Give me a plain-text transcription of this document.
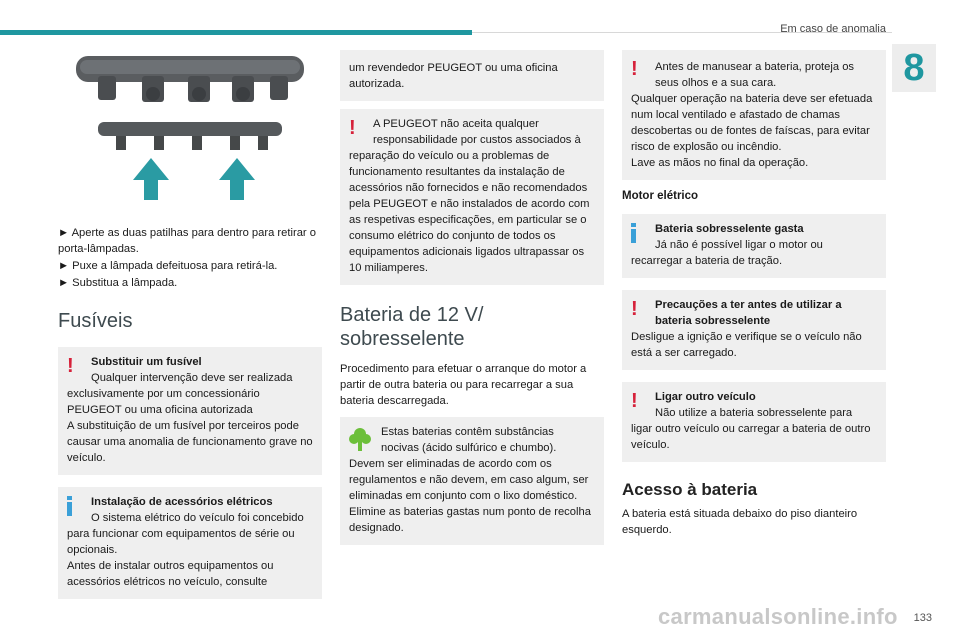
Em caso de anomalia
8

► Aperte as duas patilhas para dentro para retirar o porta-lâmpadas.

► Puxe a lâmpada defeituosa para retirá-la.

► Substitua a lâmpada.

Fusíveis
!	Substituir um fusível
Qualquer intervenção deve ser realizada
exclusivamente por um concessionário PEUGEOT ou uma oficina autorizada
A substituição de um fusível por terceiros pode causar uma anomalia de funcionamento grave no veículo.
Instalação de acessórios elétricos
O sistema elétrico do veículo foi concebido
para funcionar com equipamentos de série ou opcionais.
Antes de instalar outros equipamentos ou acessórios elétricos no veículo, consulte
um revendedor PEUGEOT ou uma oficina autorizada.
!	A PEUGEOT não aceita qualquer
responsabilidade por custos associados à
reparação do veículo ou a problemas de funcionamento resultantes da instalação de acessórios não fornecidos e não recomendados pela PEUGEOT e não instalados de acordo com as respetivas especificações, em particular se o consumo elétrico do conjunto de todos os equipamentos adicionais ligados ultrapassar os 10 miliamperes.
Bateria de 12 V/ sobresselente

Procedimento para efetuar o arranque do motor a partir de outra bateria ou para recarregar a sua bateria descarregada.

Estas baterias contêm substâncias
nocivas (ácido sulfúrico e chumbo).
Devem ser eliminadas de acordo com os regulamentos e não devem, em caso algum, ser eliminadas em conjunto com o lixo doméstico. Elimine as baterias gastas num ponto de recolha designado.
!	Antes de manusear a bateria, proteja os
seus olhos e a sua cara.
Qualquer operação na bateria deve ser efetuada num local ventilado e afastado de chamas descobertas ou de fontes de faíscas, para evitar risco de explosão ou incêndio.
Lave as mãos no final da operação.
Motor elétrico
Bateria sobresselente gasta
Já não é possível ligar o motor ou
recarregar a bateria de tração.
!	Precauções a ter antes de utilizar a
bateria sobresselente
Desligue a ignição e verifique se o veículo não está a ser carregado.
!	Ligar outro veículo
Não utilize a bateria sobresselente para
ligar outro veículo ou carregar a bateria de outro veículo.
Acesso à bateria

A bateria está situada debaixo do piso dianteiro esquerdo.

carmanualsonline.info 133
